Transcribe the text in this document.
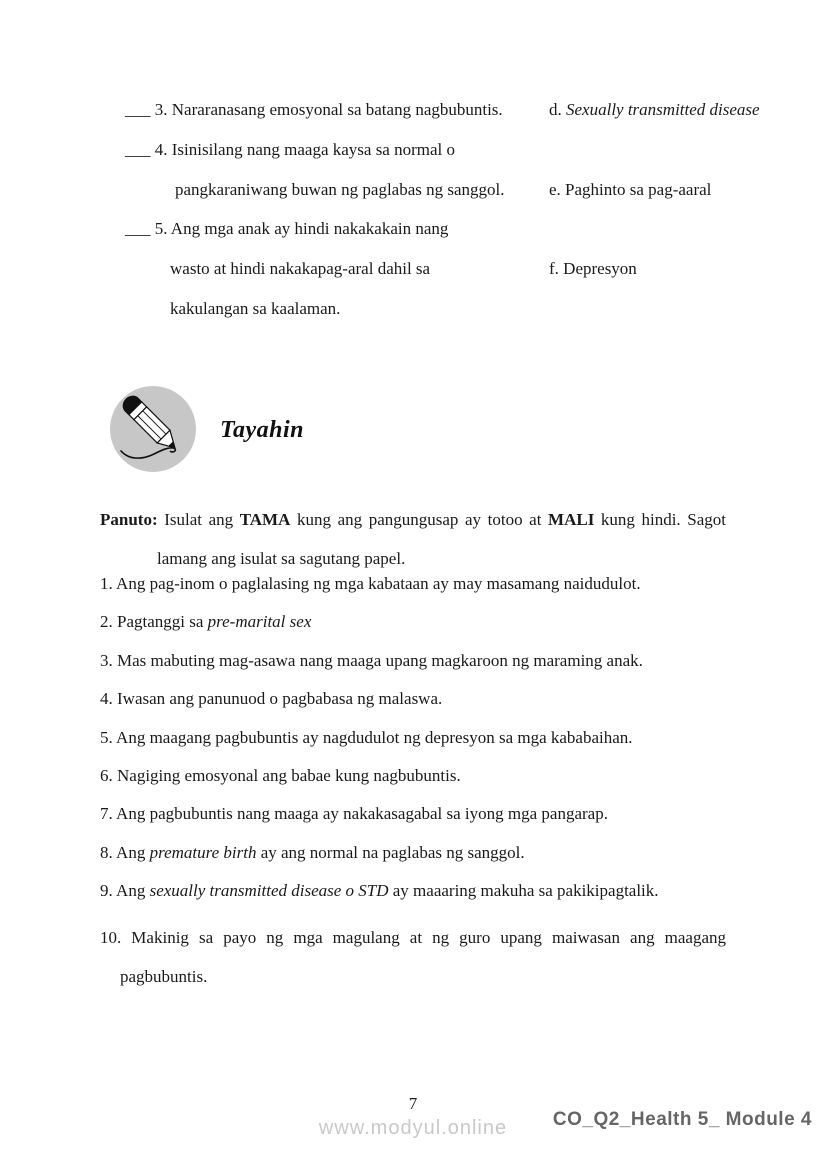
___ 3. Nararanasang emosyonal sa batang nagbubuntis.	d. Sexually transmitted disease
___ 4. Isinisilang nang maaga kaysa sa normal o
pangkaraniwang buwan ng paglabas ng sanggol.	e. Paghinto sa pag-aaral
___ 5. Ang mga anak ay hindi nakakakain nang
wasto at hindi nakakapag-aral dahil sa	f. Depresyon
kakulangan sa kaalaman.
Tayahin
Panuto: Isulat ang TAMA kung ang pangungusap ay totoo at MALI kung hindi. Sagot
lamang ang isulat sa sagutang papel.
1. Ang pag-inom o paglalasing ng mga kabataan ay may masamang naidudulot.
2. Pagtanggi sa pre-marital sex
3. Mas mabuting mag-asawa nang maaga upang magkaroon ng maraming anak.
4. Iwasan ang panunuod o pagbabasa ng malaswa.
5. Ang maagang pagbubuntis ay nagdudulot ng depresyon sa mga kababaihan.
6. Nagiging emosyonal ang babae kung nagbubuntis.
7. Ang pagbubuntis nang maaga ay nakakasagabal sa iyong mga pangarap.
8. Ang premature birth ay ang normal na paglabas ng sanggol.
9. Ang sexually transmitted disease o STD ay maaaring makuha sa pakikipagtalik.
10. Makinig sa payo ng mga magulang at ng guro upang maiwasan ang maagang
pagbubuntis.
7
www.modyul.online	CO_Q2_Health 5_ Module 4
